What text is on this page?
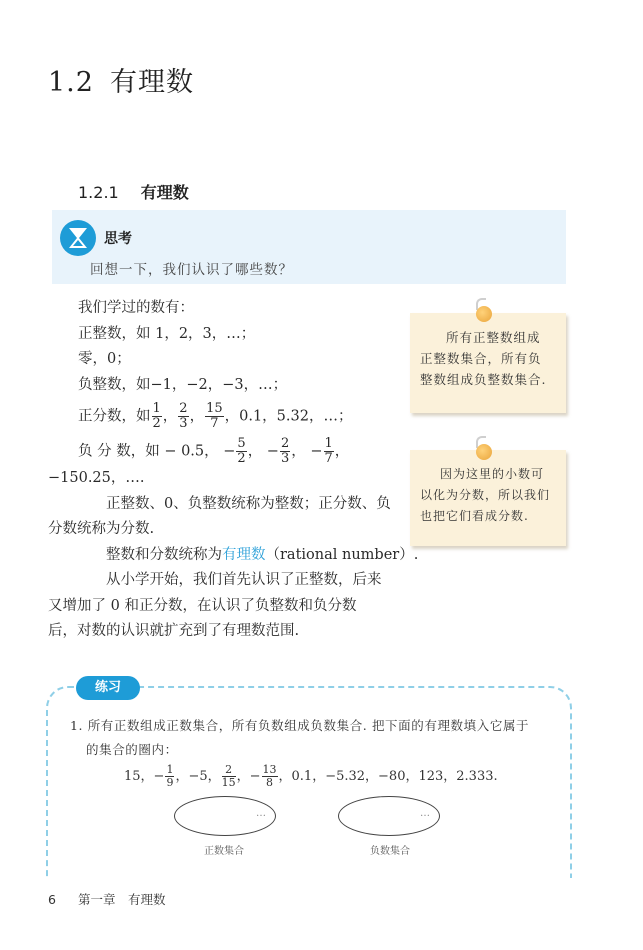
1.2 有理数
1.2.1 有理数
思考
回想一下，我们认识了哪些数？

我们学过的数有：

正整数，如 1，2，3，…；

零，0；

负整数，如−1，−2，−3，…；

正分数，如 $\frac{1}{2}$ ， $\frac{2}{3}$ ， $\frac{15}{7}$ ，0.1，5.32，…；

负 分 数，如 − 0.5， − $\frac{5}{2}$ ， − $\frac{2}{3}$ ， − $\frac{1}{7}$ ，

−150.25，….

正整数、0、负整数统称为整数；正分数、负

分数统称为分数.

整数和分数统称为有理数（rational number）.

从小学开始，我们首先认识了正整数，后来

又增加了 0 和正分数，在认识了负整数和负分数

后，对数的认识就扩充到了有理数范围.

所有正整数组成
正整数集合，所有负
整数组成负整数集合.
因为这里的小数可
以化为分数，所以我们
也把它们看成分数.
练习
1. 所有正数组成正数集合，所有负数组成负数集合. 把下面的有理数填入它属于
的集合的圈内：
15，− $\frac{1}{9}$ ，−5， $\frac{2}{15}$ ，− $\frac{13}{8}$ ，0.1，−5.32，−80，123，2.333.
…
正数集合
…
负数集合
6 第一章　有理数
